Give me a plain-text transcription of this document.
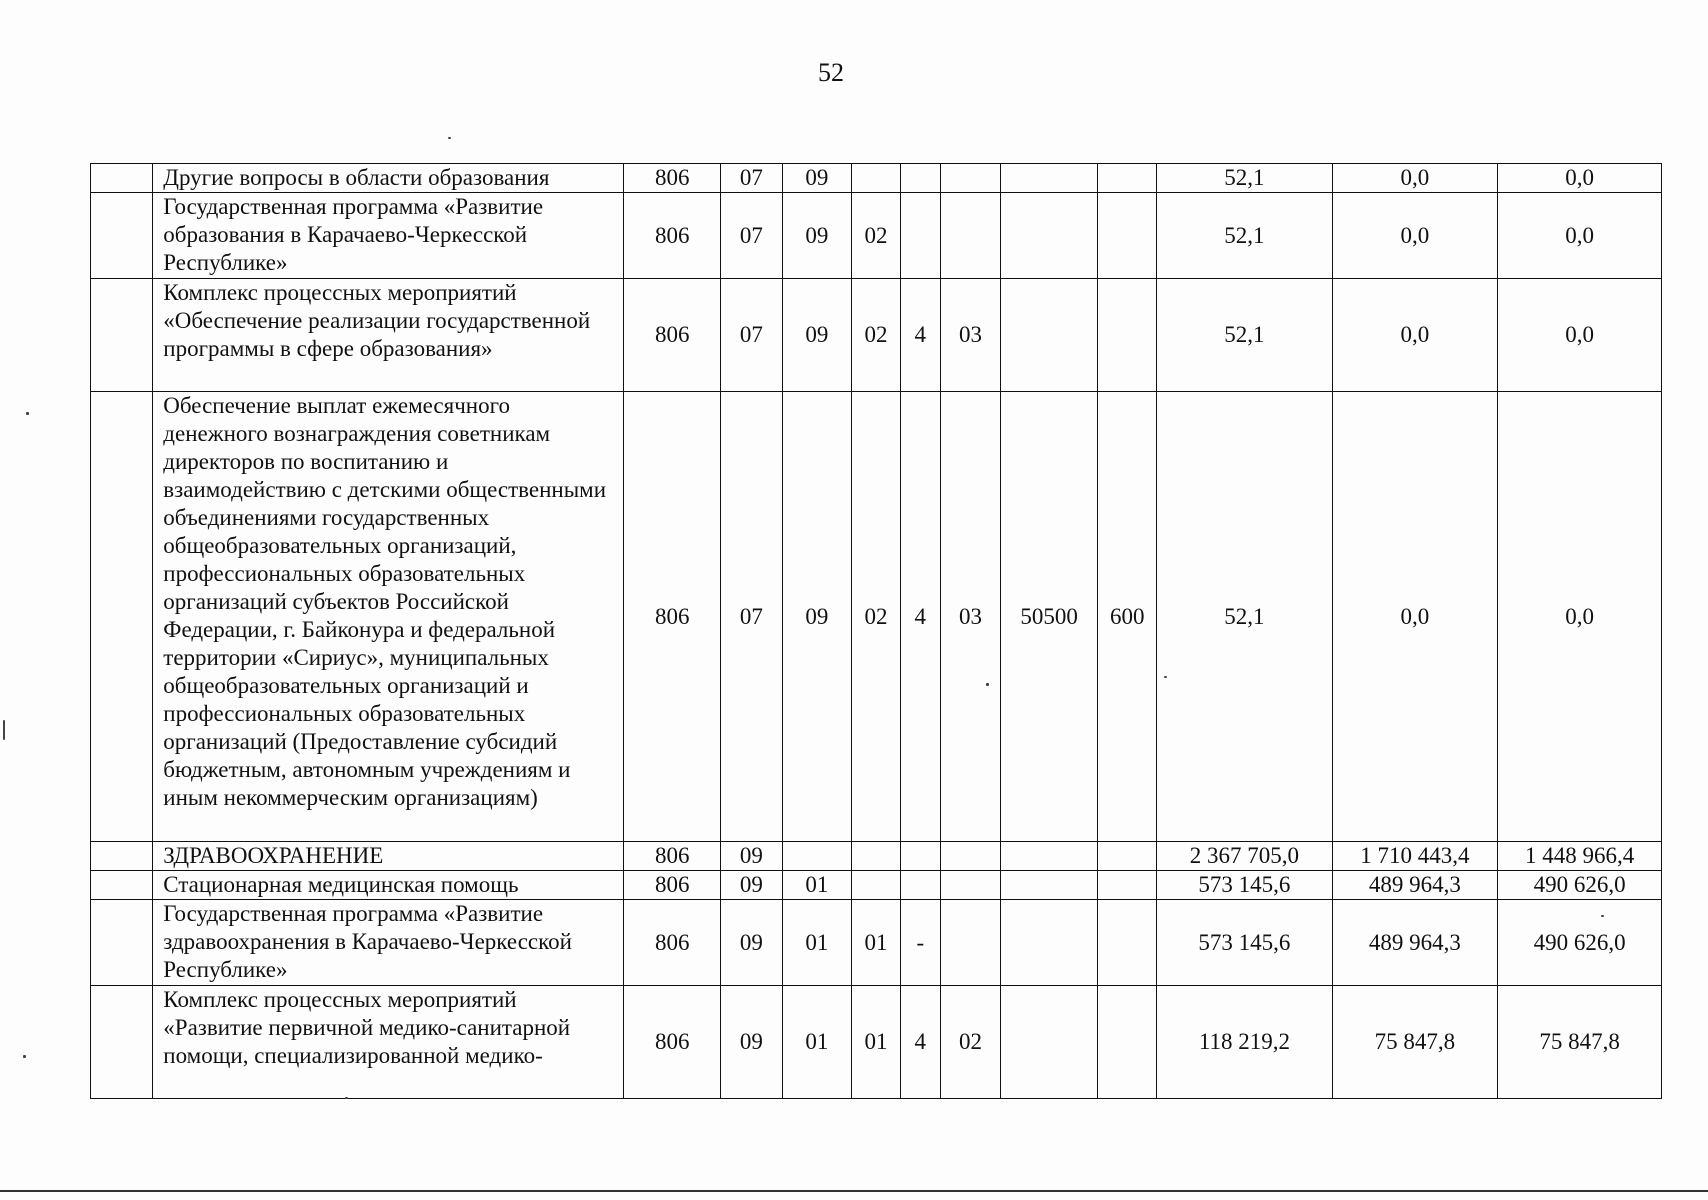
52
	Другие вопросы в области образования	806	07	09						52,1	0,0	0,0
	Государственная программа «Развитие образования в Карачаево-Черкесской Республике»	806	07	09	02					52,1	0,0	0,0
	Комплекс процессных мероприятий «Обеспечение реализации государственной программы в сфере образования»	806	07	09	02	4	03			52,1	0,0	0,0
	Обеспечение выплат ежемесячного денежного вознаграждения советникам директоров по воспитанию и взаимодействию с детскими общественными объединениями государственных общеобразовательных организаций, профессиональных образовательных организаций субъектов Российской Федерации, г. Байконура и федеральной территории «Сириус», муниципальных общеобразовательных организаций и профессиональных образовательных организаций (Предоставление субсидий бюджетным, автономным учреждениям и иным некоммерческим организациям)	806	07	09	02	4	03	50500	600	52,1	0,0	0,0
	ЗДРАВООХРАНЕНИЕ	806	09							2 367 705,0	1 710 443,4	1 448 966,4
	Стационарная медицинская помощь	806	09	01						573 145,6	489 964,3	490 626,0
	Государственная программа «Развитие здравоохранения в Карачаево-Черкесской Республике»	806	09	01	01	-				573 145,6	489 964,3	490 626,0
	Комплекс процессных мероприятий «Развитие первичной медико-санитарной помощи, специализированной медико-	806	09	01	01	4	02			118 219,2	75 847,8	75 847,8
